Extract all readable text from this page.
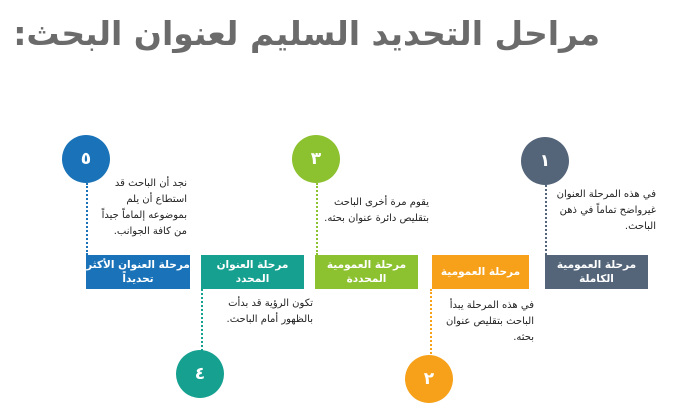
مراحل التحديد السليم لعنوان البحث:
١
في هذه المرحلة العنوان غيرواضح تماماً في ذهن الباحث.
مرحلة العمومية الكاملة
مرحلة العمومية
في هذه المرحلة يبدأ الباحث بتقليص عنوان بحثه.
٢
٣
يقوم مرة أخرى الباحث بتقليص دائرة عنوان بحثه.
مرحلة العمومية المحددة
مرحلة العنوان المحدد
تكون الرؤية قد بدأت بالظهور أمام الباحث.
٤
٥
نجد أن الباحث قد استطاع أن يلم بموضوعه إلماماً جيداً من كافة الجوانب.
مرحلة العنوان الأكثر تحديداً
